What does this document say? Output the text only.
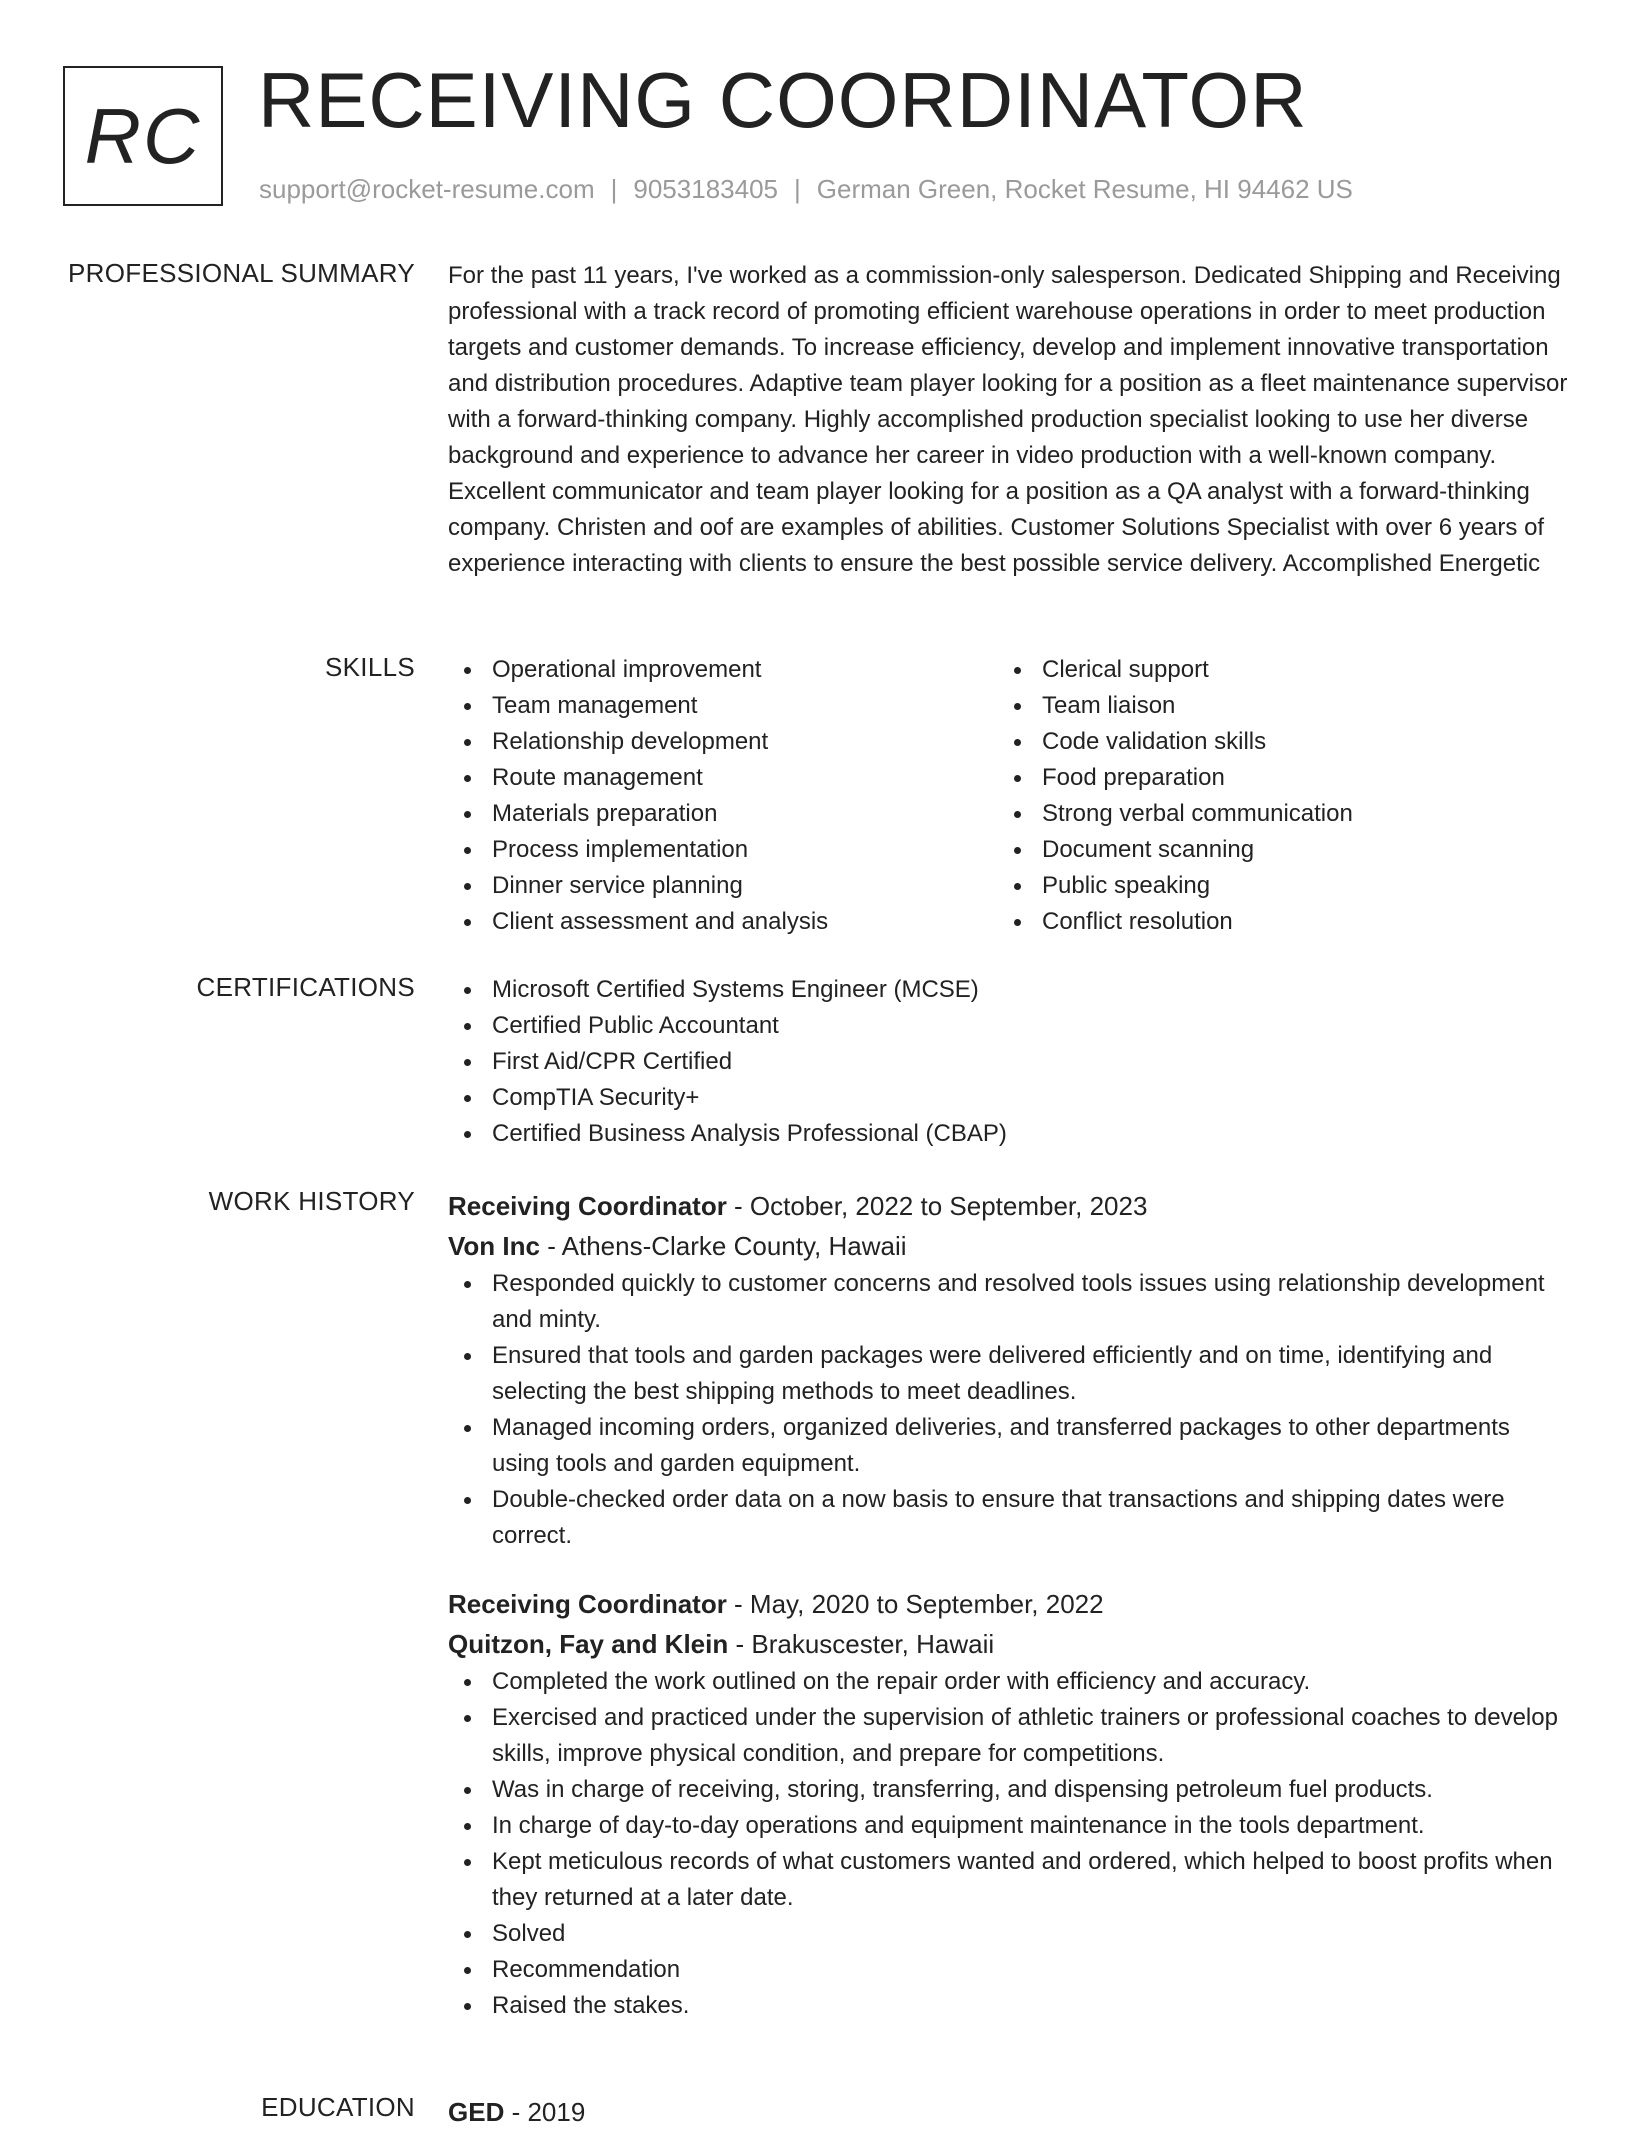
RC RECEIVING COORDINATOR
support@rocket-resume.com | 9053183405 | German Green, Rocket Resume, HI 94462 US
PROFESSIONAL SUMMARY For the past 11 years, I've worked as a commission-only salesperson. Dedicated Shipping and Receiving professional with a track record of promoting efficient warehouse operations in order to meet production targets and customer demands. To increase efficiency, develop and implement innovative transportation and distribution procedures. Adaptive team player looking for a position as a fleet maintenance supervisor with a forward-thinking company. Highly accomplished production specialist looking to use her diverse background and experience to advance her career in video production with a well-known company. Excellent communicator and team player looking for a position as a QA analyst with a forward-thinking company. Christen and oof are examples of abilities. Customer Solutions Specialist with over 6 years of experience interacting with clients to ensure the best possible service delivery. Accomplished Energetic

SKILLS	Operational improvement
Team management
Relationship development
Route management
Materials preparation
Process implementation
Dinner service planning
Client assessment and analysis
Clerical support
Team liaison
Code validation skills
Food preparation
Strong verbal communication
Document scanning
Public speaking
Conflict resolution
CERTIFICATIONS	Microsoft Certified Systems Engineer (MCSE)
Certified Public Accountant
First Aid/CPR Certified
CompTIA Security+
Certified Business Analysis Professional (CBAP)
WORK HISTORY Receiving Coordinator - October, 2022 to September, 2023
Von Inc - Athens-Clarke County, Hawaii
Responded quickly to customer concerns and resolved tools issues using relationship development and minty.
Ensured that tools and garden packages were delivered efficiently and on time, identifying and selecting the best shipping methods to meet deadlines.
Managed incoming orders, organized deliveries, and transferred packages to other departments using tools and garden equipment.
Double-checked order data on a now basis to ensure that transactions and shipping dates were correct.
Receiving Coordinator - May, 2020 to September, 2022
Quitzon, Fay and Klein - Brakuscester, Hawaii
Completed the work outlined on the repair order with efficiency and accuracy.
Exercised and practiced under the supervision of athletic trainers or professional coaches to develop skills, improve physical condition, and prepare for competitions.
Was in charge of receiving, storing, transferring, and dispensing petroleum fuel products.
In charge of day-to-day operations and equipment maintenance in the tools department.
Kept meticulous records of what customers wanted and ordered, which helped to boost profits when they returned at a later date.
Solved
Recommendation
Raised the stakes.
EDUCATION GED - 2019
